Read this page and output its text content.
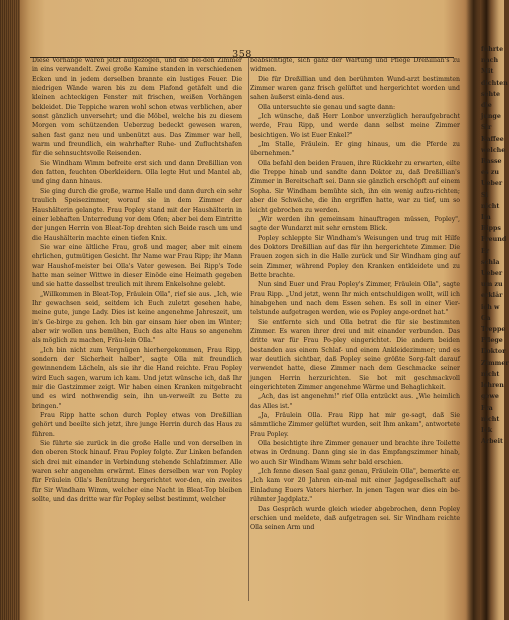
358

Diese Vorhänge waren jetzt aufgezogen, und die bei-den Zimmer in eins verwandelt. Zwei große Kamine standen in verschiedenen Ecken und in jedem derselben brannte ein lustiges Feuer. Die niedrigen Wände waren bis zu dem Plafond getäfelt und die kleinen achteckigen Fenster mit frischen, weißen Vorhängen bekleidet. Die Teppiche waren wohl schon etwas verblichen, aber sonst gänzlich unversehrt; und die Möbel, welche bis zu diesem Morgen vom schützenden Ueberzug bedeckt gewesen waren, sahen fast ganz neu und unbenützt aus. Das Zimmer war hell, warm und freundlich, ein wahrhafter Ruhe- und Zufluchtshafen für die sehnsuchtsvolle Reisenden.

Sie Windham Wimm befreite erst sich und dann Dreßillian von den fatten, feuchten Oberkleidern. Olla legte Hut und Mantel ab, und ging dann hinaus.

Sie ging durch die große, warme Halle und dann durch ein sehr traulich Speisezimmer, worauf sie in dem Zimmer der Haushälterin gelangte. Frau Popley stand mit der Haushälterin in einer lebhaften Unterredung vor dem Ofen; aber bei dem Eintritte der jungen Herrin von Bleat-Top drehten sich Beide rasch um und die Haushälterin machte einen tiefen Knix.

Sie war eine ältliche Frau, groß und mager, aber mit einem ehrlichen, gutmütigen Gesicht. Ihr Name war Frau Ripp; ihr Mann war Haushof-meister bei Olla's Vater gewesen. Bei Ripp's Tode hatte man seiner Wittwe in dieser Einöde eine Heimath gegeben und sie hatte dasselbst treulich mit ihrem Enkelsohne gelebt.

„Willkommen in Bleat-Top, Fräulein Olla", rief sie aus. „Ich, wie Ihr gewachsen seid, seitdem ich Euch zuletzt gesehen habe, meine gute, junge Lady. Dies ist keine angenehme Jahreszeit, um in's Ge-birge zu gehen. Ich bin gar einsam hier oben im Winter; aber wir wollen uns bemühen, Euch das alte Haus so angenehm als möglich zu machen, Fräu-lein Olla."

„Ich bin nicht zum Vergnügen hierhergekommen, Frau Ripp, sondern der Sicherheit halber", sagte Olla mit freundlich gewinnendem Lächeln, als sie ihr die Hand reichte. Frau Popley wird Euch sagen, warum ich kam. Und jetzt wünsche ich, daß Ihr mir die Gastzimmer zeigt. Wir haben einen Kranken mitgebracht und es wird nothwendig sein, ihn un-verweilt zu Bette zu bringen."

Frau Ripp hatte schon durch Popley etwas von Dreßillian gehört und beeilte sich jetzt, ihre junge Herrin durch das Haus zu führen.

Sie führte sie zurück in die große Halle und von derselben in den oberen Stock hinauf. Frau Popley folgte. Zur Linken befanden sich drei mit einander in Verbindung stehende Schlafzimmer. Alle waren sehr angenehm erwärmt. Eines derselben war von Popley für Fräulein Olla's Benützung hergerichtet wor-den, ein zweites für Sir Windham Wimm, welcher eine Nacht in Bleat-Top bleiben sollte, und das dritte war für Popley selbst bestimmt, welcher

beabsichtigte, sich ganz der Wartung und Pflege Dreßillian's zu widmen.

Die für Dreßillian und den berühmten Wund-arzt bestimmten Zimmer waren ganz frisch gelüftet und hergerichtet worden und sahen äußerst einla-dend aus.

Olla untersuchte sie genau und sagte dann:

„Ich wünsche, daß Herr Lonbor unverzüglich heraufgebracht werde, Frau Ripp, und werde dann selbst meine Zimmer besichtigen. Wo ist Euer Enkel?"

„Im Stalle, Fräulein. Er ging hinaus, um die Pferde zu übernehmen."

Olla befahl den beiden Frauen, ihre Rückkehr zu erwarten, eilte die Treppe hinab und sandte dann Doktor zu, daß Dreßillian's Zimmer in Bereitschaft sei. Dann sie gänzlich erschöpft auf einem Sopha. Sir Windham bemühte sich, ihn ein wenig aufzu-richten; aber die Schwäche, die ihn ergriffen hatte, war zu tief, um so leicht gebrochen zu werden.

„Wir werden ihn gemeinsam hinauftragen müssen, Popley", sagte der Wundarzt mit sehr ernstem Blick.

Popley schleppte Sir Windham's Weisungen und trug mit Hilfe des Doktors Dreßillian auf das für ihn hergerichtete Zimmer. Die Frauen zogen sich in die Halle zurück und Sir Windham ging auf sein Zimmer, während Popley den Kranken entkleidete und zu Bette brachte.

Nun sind Euer und Frau Popley's Zimmer, Fräulein Olla", sagte Frau Ripp. „Und jetzt, wenn Ihr mich entschuldigen wollt, will ich hinabgehen und nach dem Essen sehen. Es soll in einer Vier-telstunde aufgetragen werden, wie es Popley ange-ordnet hat."

Sie entfernte sich und Olla betrat die für sie bestimmten Zimmer. Es waren ihrer drei und mit einander verbunden. Das dritte war für Frau Po-pley eingerichtet. Die andern beiden bestanden aus einem Schlaf- und einem Ankleidezimmer; und es war deutlich sichtbar, daß Popley seine größte Sorg-falt darauf verwendet hatte, diese Zimmer nach dem Geschmacke seiner jungen Herrin herzurichten. Sie bot mit geschmackvoll eingerichteten Zimmer angenehme Wärme und Behaglichkeit.

„Ach, das ist angenehm!" rief Olla entzückt aus. „Wie heimlich das Alles ist."

„Ja, Fräulein Olla. Frau Ripp hat mir ge-sagt, daß Sie sämmtliche Zimmer gelüftet wurden, seit Ihm ankam", antwortete Frau Popley.

Olla besichtigte ihre Zimmer genauer und brachte ihre Toilette etwas in Ordnung. Dann ging sie in das Empfangszimmer hinab, wo auch Sir Windham Wimm sehr bald erschien.

„Ich fenne diesen Saal ganz genau, Fräulein Olla", bemerkte er. „Ich kam vor 20 Jahren ein-mal mit einer Jagdgesellschaft auf Einladung Euers Vaters hierher. In jenen Tagen war dies ein be-rühmter Jagdplatz."

Das Gespräch wurde gleich wieder abgebrochen, denn Popley erschien und meldete, daß aufgetragen sei. Sir Windham reichte Olla seinen Arm und

führte
nach
Mit
dichten
sehte
die
junge
Sir
Kaffee
welche
Rasse
es zu
Ueber
Si
nicht
Im
Ripps
Freund
Er
schla
Ueber
um zu
erklär
ich w
Ga
Treppe
Pflege
Doktor
Zimmer
nicht
lehren
gewe
Fra
nicht
Ick
Arbeit
